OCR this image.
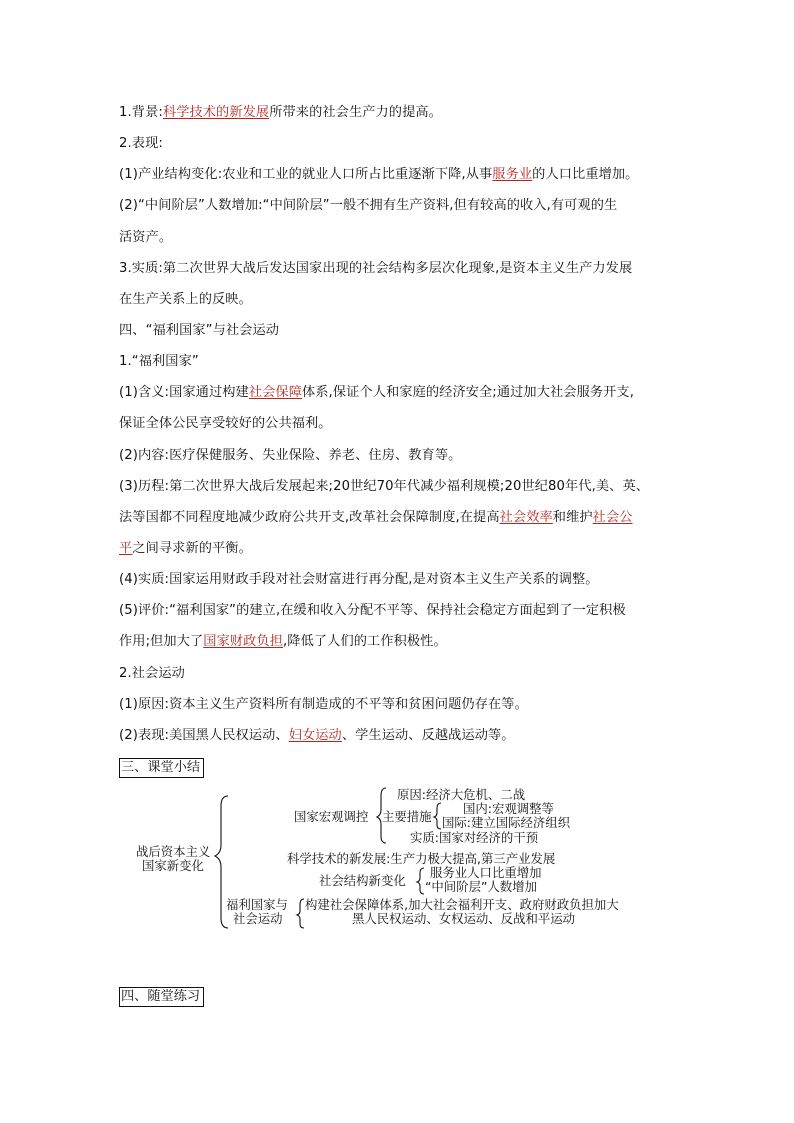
1.背景:科学技术的新发展所带来的社会生产力的提高。
2.表现:
(1)产业结构变化:农业和工业的就业人口所占比重逐渐下降,从事服务业的人口比重增加。
(2)“中间阶层”人数增加:“中间阶层”一般不拥有生产资料,但有较高的收入,有可观的生
活资产。
3.实质:第二次世界大战后发达国家出现的社会结构多层次化现象,是资本主义生产力发展
在生产关系上的反映。
四、“福利国家”与社会运动
1.“福利国家”
(1)含义:国家通过构建社会保障体系,保证个人和家庭的经济安全;通过加大社会服务开支,
保证全体公民享受较好的公共福利。
(2)内容:医疗保健服务、失业保险、养老、住房、教育等。
(3)历程:第二次世界大战后发展起来;20世纪70年代减少福利规模;20世纪80年代,美、英、
法等国都不同程度地减少政府公共开支,改革社会保障制度,在提高社会效率和维护社会公
平之间寻求新的平衡。
(4)实质:国家运用财政手段对社会财富进行再分配,是对资本主义生产关系的调整。
(5)评价:“福利国家”的建立,在缓和收入分配不平等、保持社会稳定方面起到了一定积极
作用;但加大了国家财政负担,降低了人们的工作积极性。
2.社会运动
(1)原因:资本主义生产资料所有制造成的不平等和贫困问题仍存在等。
(2)表现:美国黑人民权运动、妇女运动、学生运动、反越战运动等。
三、课堂小结
战后资本主义
国家新变化
国家宏观调控
原因:经济大危机、二战
主要措施
国内:宏观调整等
国际:建立国际经济组织
实质:国家对经济的干预
科学技术的新发展:生产力极大提高,第三产业发展
社会结构新变化
服务业人口比重增加
“中间阶层”人数增加
福利国家与
社会运动
构建社会保障体系,加大社会福利开支、政府财政负担加大
黑人民权运动、女权运动、反战和平运动
四、随堂练习
